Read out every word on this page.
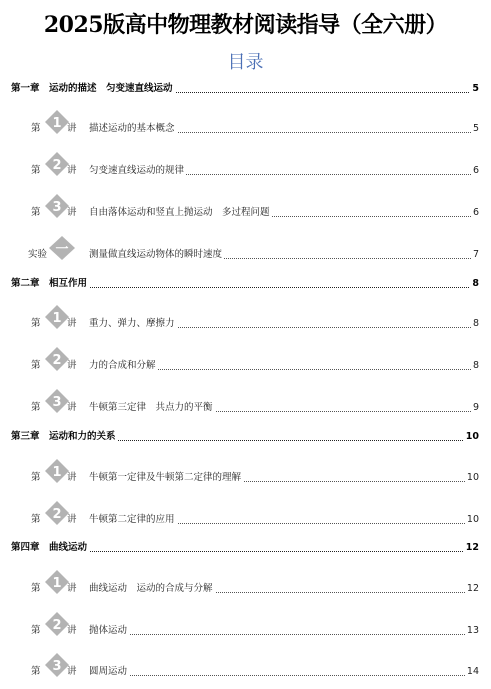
2025版高中物理教材阅读指导（全六册）
目录
第一章　 运动的描述　匀变速直线运动	5
第 1 讲 描述运动的基本概念	5
第 2 讲 匀变速直线运动的规律	6
第 3 讲 自由落体运动和竖直上抛运动　多过程问题	6
实验 一 测量做直线运动物体的瞬时速度	7
第二章　 相互作用	8
第 1 讲 重力、弹力、摩擦力	8
第 2 讲 力的合成和分解	8
第 3 讲 牛顿第三定律　共点力的平衡	9
第三章　 运动和力的关系	10
第 1 讲 牛顿第一定律及牛顿第二定律的理解	10
第 2 讲 牛顿第二定律的应用	10
第四章　 曲线运动	12
第 1 讲 曲线运动　运动的合成与分解	12
第 2 讲 抛体运动	13
第 3 讲 圆周运动	14
